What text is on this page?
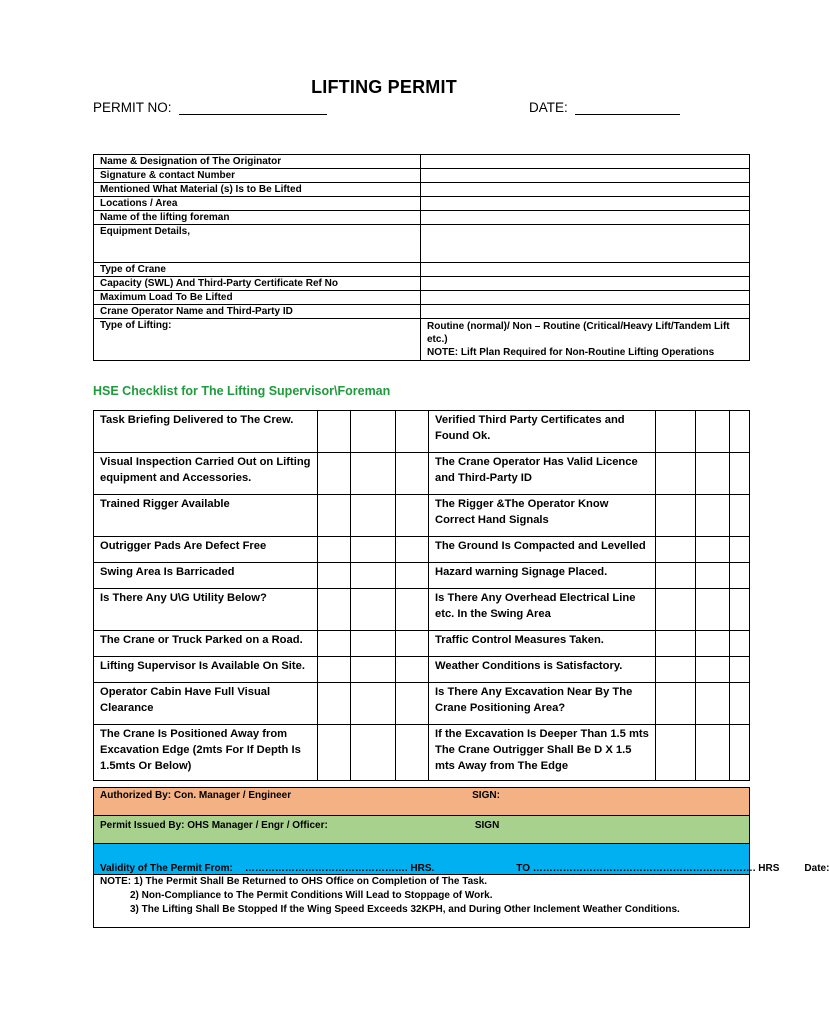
LIFTING PERMIT
PERMIT NO:	DATE:
Name & Designation of The Originator	
Signature & contact Number	
Mentioned What Material (s) Is to Be Lifted	
Locations / Area	
Name of the lifting foreman	
Equipment Details,	
Type of Crane	
Capacity (SWL) And Third-Party Certificate Ref No	
Maximum Load To Be Lifted	
Crane Operator Name and Third-Party ID	
Type of Lifting:	Routine (normal)/ Non – Routine (Critical/Heavy Lift/Tandem Lift etc.)
NOTE: Lift Plan Required for Non-Routine Lifting Operations
HSE Checklist for The Lifting Supervisor\Foreman
Task Briefing Delivered to The Crew.				Verified Third Party Certificates and Found Ok.			
Visual Inspection Carried Out on Lifting equipment and Accessories.				The Crane Operator Has Valid Licence and Third-Party ID			
Trained Rigger Available				The Rigger &The Operator Know Correct Hand Signals			
Outrigger Pads Are Defect Free				The Ground Is Compacted and Levelled			
Swing Area Is Barricaded				Hazard warning Signage Placed.			
Is There Any U\G Utility Below?				Is There Any Overhead Electrical Line etc. In the Swing Area			
The Crane or Truck Parked on a Road.				Traffic Control Measures Taken.			
Lifting Supervisor Is Available On Site.				Weather Conditions is Satisfactory.			
Operator Cabin Have Full Visual Clearance				Is There Any Excavation Near By The Crane Positioning Area?			
The Crane Is Positioned Away from Excavation Edge (2mts For If Depth Is 1.5mts Or Below)				If the Excavation Is Deeper Than 1.5 mts The Crane Outrigger Shall Be D X 1.5 mts Away from The Edge			
Authorized By: Con. Manager / Engineer	SIGN:
Permit Issued By: OHS Manager / Engr / Officer:	SIGN
Validity of The Permit From: …………………………………………. HRS.	TO …………………………………………………………. HRS	Date:

NOTE: 1) The Permit Shall Be Returned to OHS Office on Completion of The Task.
2) Non-Compliance to The Permit Conditions Will Lead to Stoppage of Work.
3) The Lifting Shall Be Stopped If the Wing Speed Exceeds 32KPH, and During Other Inclement Weather Conditions.
